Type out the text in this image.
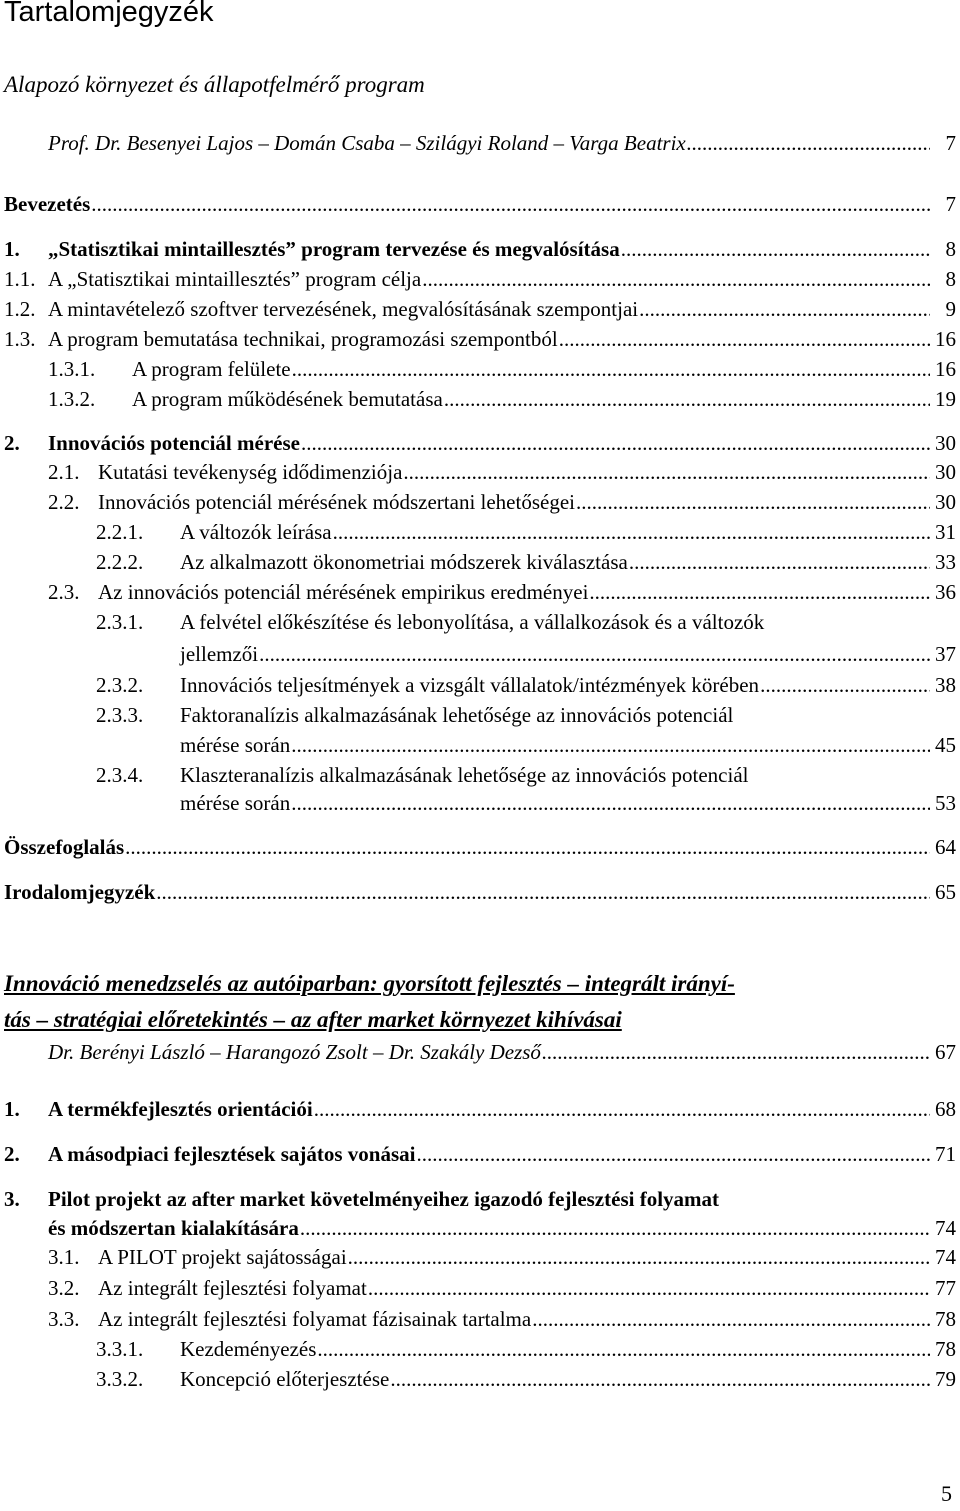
Tartalomjegyzék
Alapozó környezet és állapotfelmérő program
Prof. Dr. Besenyei Lajos – Domán Csaba – Szilágyi Roland – Varga Beatrix .....	7
Bevezetés .....	7
1. „Statisztikai mintaillesztés” program tervezése és megvalósítása .....	8
1.1. A „Statisztikai mintaillesztés” program célja .....	8
1.2. A mintavételező szoftver tervezésének, megvalósításának szempontjai .....	9
1.3. A program bemutatása technikai, programozási szempontból .....	16
1.3.1. A program felülete .....	16
1.3.2. A program működésének bemutatása .....	19
2. Innovációs potenciál mérése .....	30
2.1. Kutatási tevékenység idődimenziója .....	30
2.2. Innovációs potenciál mérésének módszertani lehetőségei .....	30
2.2.1. A változók leírása .....	31
2.2.2. Az alkalmazott ökonometriai módszerek kiválasztása .....	33
2.3. Az innovációs potenciál mérésének empirikus eredményei .....	36
2.3.1. A felvétel előkészítése és lebonyolítása, a vállalkozások és a változók
jellemzői .....	37
2.3.2. Innovációs teljesítmények a vizsgált vállalatok/intézmények körében .....	38
2.3.3. Faktoranalízis alkalmazásának lehetősége az innovációs potenciál
mérése során .....	45
2.3.4. Klaszteranalízis alkalmazásának lehetősége az innovációs potenciál
mérése során .....	53
Összefoglalás .....	64
Irodalomjegyzék .....	65
Innováció menedzselés az autóiparban: gyorsított fejlesztés – integrált irányí-
tás – stratégiai előretekintés – az after market környezet kihívásai
Dr. Berényi László – Harangozó Zsolt – Dr. Szakály Dezső .....	67
1. A termékfejlesztés orientációi .....	68
2. A másodpiaci fejlesztések sajátos vonásai .....	71
3. Pilot projekt az after market követelményeihez igazodó fejlesztési folyamat
és módszertan kialakítására .....	74
3.1. A PILOT projekt sajátosságai .....	74
3.2. Az integrált fejlesztési folyamat .....	77
3.3. Az integrált fejlesztési folyamat fázisainak tartalma .....	78
3.3.1. Kezdeményezés .....	78
3.3.2. Koncepció előterjesztése .....	79
5
